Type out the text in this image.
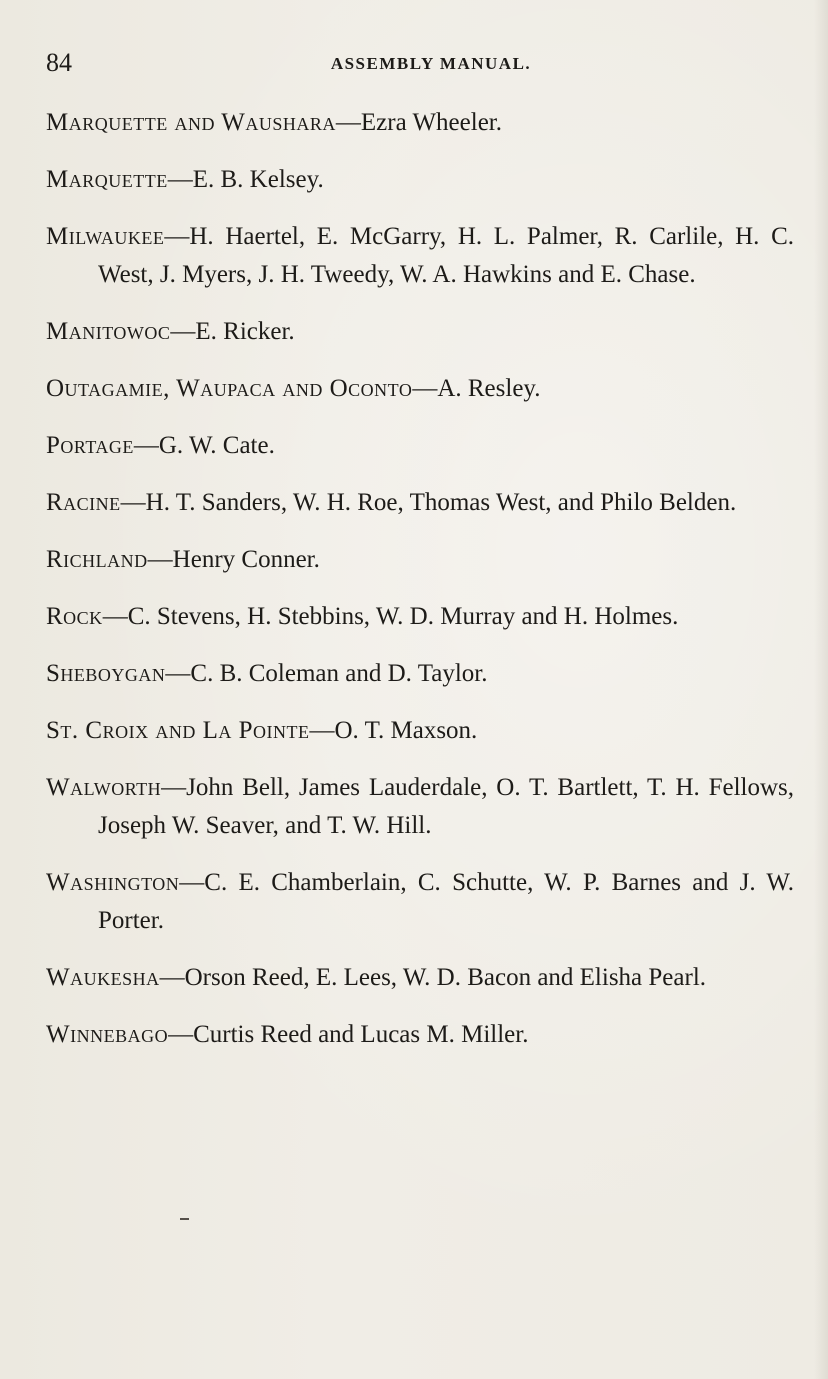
84	ASSEMBLY MANUAL.

Marquette and Waushara—Ezra Wheeler.

Marquette—E. B. Kelsey.

Milwaukee—H. Haertel, E. McGarry, H. L. Palmer, R. Carlile, H. C. West, J. Myers, J. H. Tweedy, W. A. Hawkins and E. Chase.

Manitowoc—E. Ricker.

Outagamie, Waupaca and Oconto—A. Resley.

Portage—G. W. Cate.

Racine—H. T. Sanders, W. H. Roe, Thomas West, and Philo Belden.

Richland—Henry Conner.

Rock—C. Stevens, H. Stebbins, W. D. Murray and H. Holmes.

Sheboygan—C. B. Coleman and D. Taylor.

St. Croix and La Pointe—O. T. Maxson.

Walworth—John Bell, James Lauderdale, O. T. Bartlett, T. H. Fellows, Joseph W. Seaver, and T. W. Hill.

Washington—C. E. Chamberlain, C. Schutte, W. P. Barnes and J. W. Porter.

Waukesha—Orson Reed, E. Lees, W. D. Bacon and Elisha Pearl.

Winnebago—Curtis Reed and Lucas M. Miller.
